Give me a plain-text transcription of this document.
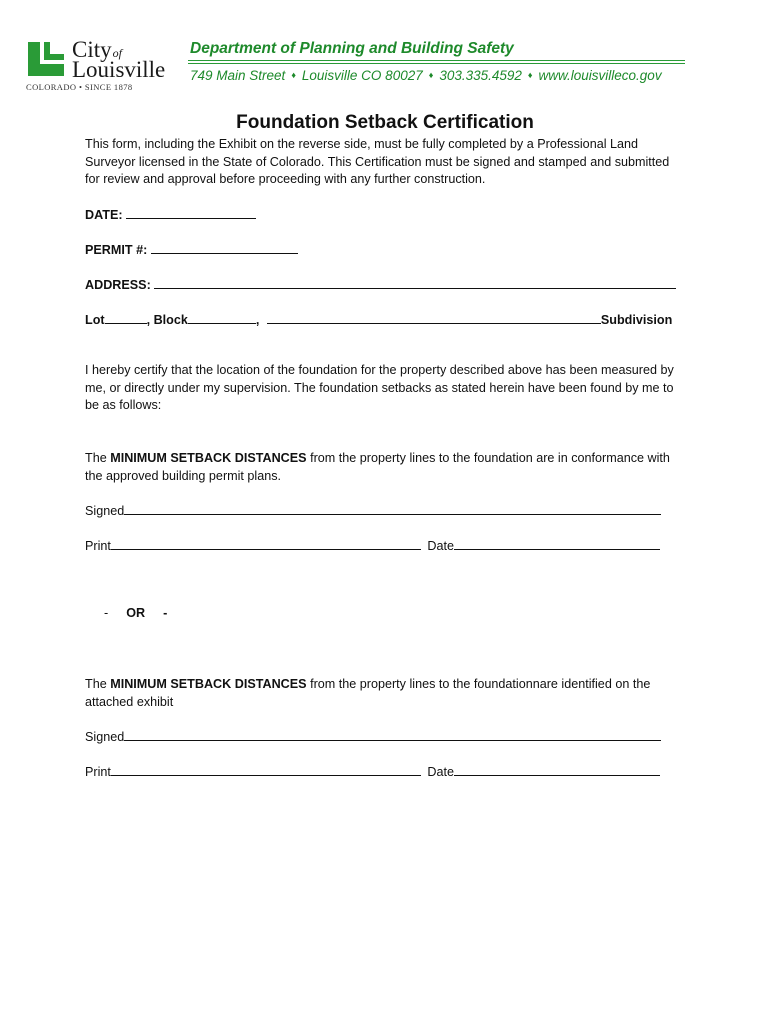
Cityof
Louisville
COLORADO • SINCE 1878
Department of Planning and Building Safety
749 Main Street ♦ Louisville CO 80027 ♦ 303.335.4592 ♦ www.louisvilleco.gov
Foundation Setback Certification
This form, including the Exhibit on the reverse side, must be fully completed by a Professional Land Surveyor licensed in the State of Colorado. This Certification must be signed and stamped and submitted for review and approval before proceeding with any further construction.
DATE:
PERMIT #:
ADDRESS:
Lot	, Block	,	Subdivision
I hereby certify that the location of the foundation for the property described above has been measured by me, or directly under my supervision. The foundation setbacks as stated herein have been found by me to be as follows:
The MINIMUM SETBACK DISTANCES from the property lines to the foundation are in conformance with the approved building permit plans.
Signed
Print	Date
- OR -
The MINIMUM SETBACK DISTANCES from the property lines to the foundationnare identified on the attached exhibit
Signed
Print	Date
